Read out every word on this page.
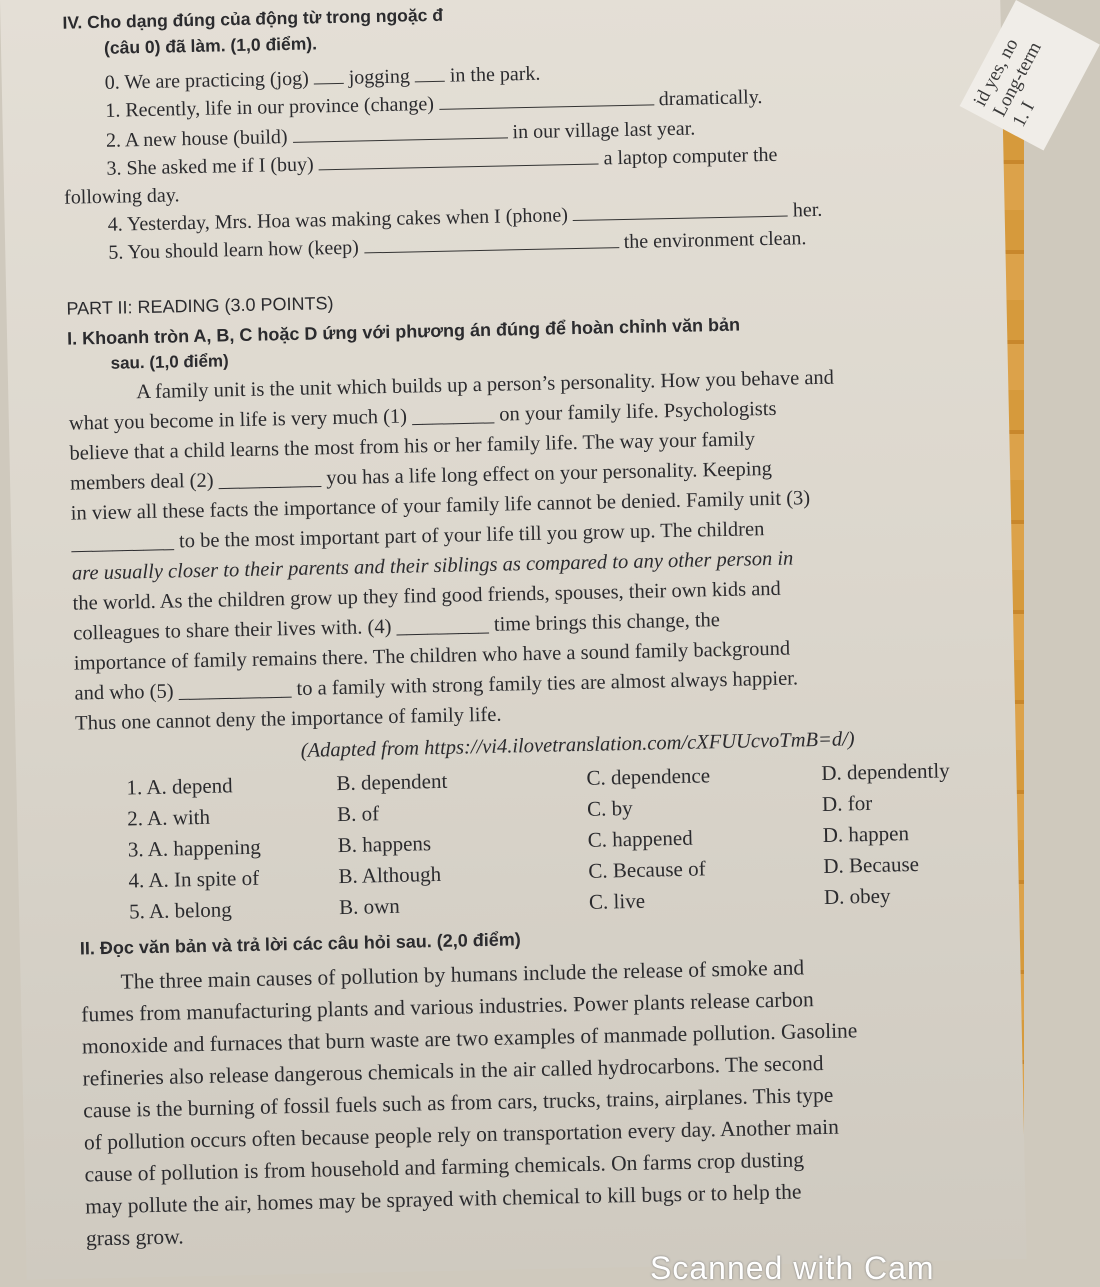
IV. Cho dạng đúng của động từ trong ngoặc đ
(câu 0) đã làm. (1,0 điểm).
0. We are practicing (jog) jogging in the park.
1. Recently, life in our province (change)	dramatically.
2. A new house (build)	in our village last year.
3. She asked me if I (buy)	a laptop computer the
following day.
4. Yesterday, Mrs. Hoa was making cakes when I (phone)	her.
5. You should learn how (keep)	the environment clean.
PART II: READING (3.0 POINTS)
I. Khoanh tròn A, B, C hoặc D ứng với phương án đúng để hoàn chỉnh văn bản
sau. (1,0 điểm)
A family unit is the unit which builds up a person’s personality. How you behave and
what you become in life is very much (1) ________ on your family life. Psychologists
believe that a child learns the most from his or her family life. The way your family
members deal (2) __________ you has a life long effect on your personality. Keeping
in view all these facts the importance of your family life cannot be denied. Family unit (3)
__________ to be the most important part of your life till you grow up. The children
are usually closer to their parents and their siblings as compared to any other person in
the world. As the children grow up they find good friends, spouses, their own kids and
colleagues to share their lives with. (4) _________ time brings this change, the
importance of family remains there. The children who have a sound family background
and who (5) ___________ to a family with strong family ties are almost always happier.
Thus one cannot deny the importance of family life.
(Adapted from https://vi4.ilovetranslation.com/cXFUUcvoTmB=d/)
1. A. depend	B. dependent	C. dependence	D. dependently
2. A. with	B. of	C. by	D. for
3. A. happening	B. happens	C. happened	D. happen
4. A. In spite of	B. Although	C. Because of	D. Because
5. A. belong	B. own	C. live	D. obey
II. Đọc văn bản và trả lời các câu hỏi sau. (2,0 điểm)
The three main causes of pollution by humans include the release of smoke and
fumes from manufacturing plants and various industries. Power plants release carbon
monoxide and furnaces that burn waste are two examples of manmade pollution. Gasoline
refineries also release dangerous chemicals in the air called hydrocarbons. The second
cause is the burning of fossil fuels such as from cars, trucks, trains, airplanes. This type
of pollution occurs often because people rely on transportation every day. Another main
cause of pollution is from household and farming chemicals. On farms crop dusting
may pollute the air, homes may be sprayed with chemical to kill bugs or to help the
grass grow.
id yes, no Long-term 1. I
Scanned with Cam
